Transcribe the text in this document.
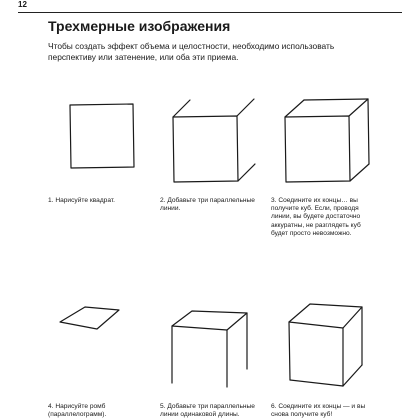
12
Трехмерные изображения

Чтобы создать эффект объема и целостности, необходимо использовать перспективу или затенение, или оба эти приема.

1. Нарисуйте квадрат.	2. Добавьте три параллельные линии.

3. Соедините их концы… вы получите куб. Если, проводя линии, вы будете достаточно аккуратны, не разглядеть куб будет просто невозможно.

4. Нарисуйте ромб (параллелограмм).

5. Добавьте три параллельные линии одинаковой длины.

6. Соедините их концы — и вы снова получите куб!
